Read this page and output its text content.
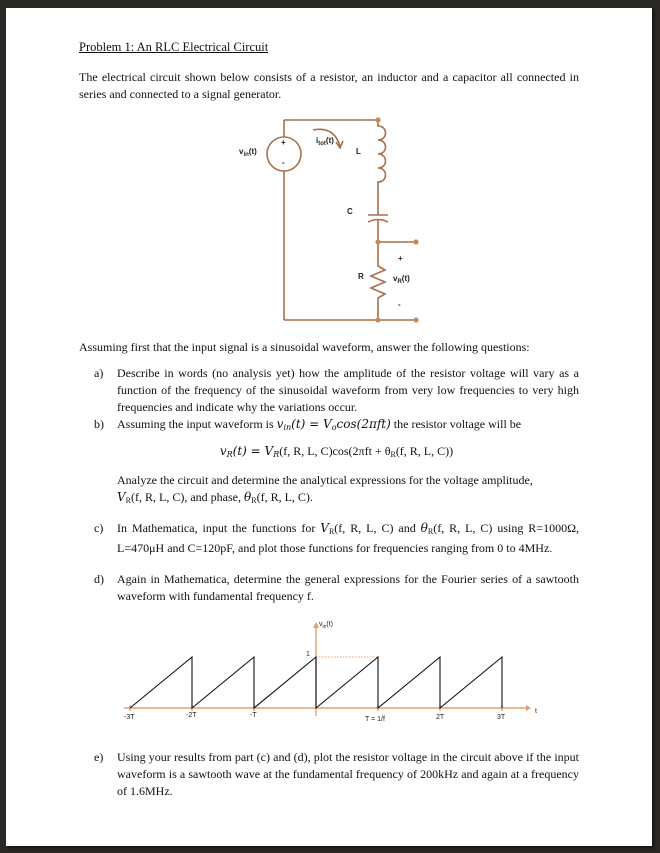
Problem 1: An RLC Electrical Circuit
The electrical circuit shown below consists of a resistor, an inductor and a capacitor all connected in series and connected to a signal generator.
$v_{in}(t)$
+
-
$i_{tot}(t)$
L
C
R
+
$v_R(t)$
-
Assuming first that the input signal is a sinusoidal waveform, answer the following questions:
a)	Describe in words (no analysis yet) how the amplitude of the resistor voltage will vary as a function of the frequency of the sinusoidal waveform from very low frequencies to very high frequencies and indicate why the variations occur.
b)	Assuming the input waveform is $v_{in}(t) = V_o\cos(2\pi ft)$ the resistor voltage will be
$v_R(t) = V_R(f$, R, L, $C)\cos(2\pi ft + \theta_R(f$, R, L, C))
Analyze the circuit and determine the analytical expressions for the voltage amplitude,
$V_R(f$, R, L, C), and phase, $\theta_R(f$, R, L, C).
c)	In Mathematica, input the functions for $V_R(f$, R, L, C) and $\theta_R(f$, R, L, C) using R=1000Ω, L=470μH and C=120pF, and plot those functions for frequencies ranging from 0 to 4MHz.
d)	Again in Mathematica, determine the general expressions for the Fourier series of a sawtooth waveform with fundamental frequency f.
$v_{in}(t)$
1
t
-3T	-2T	-T
T = 1/f	2T	3T
e)	Using your results from part (c) and (d), plot the resistor voltage in the circuit above if the input waveform is a sawtooth wave at the fundamental frequency of 200kHz and again at a frequency of 1.6MHz.
